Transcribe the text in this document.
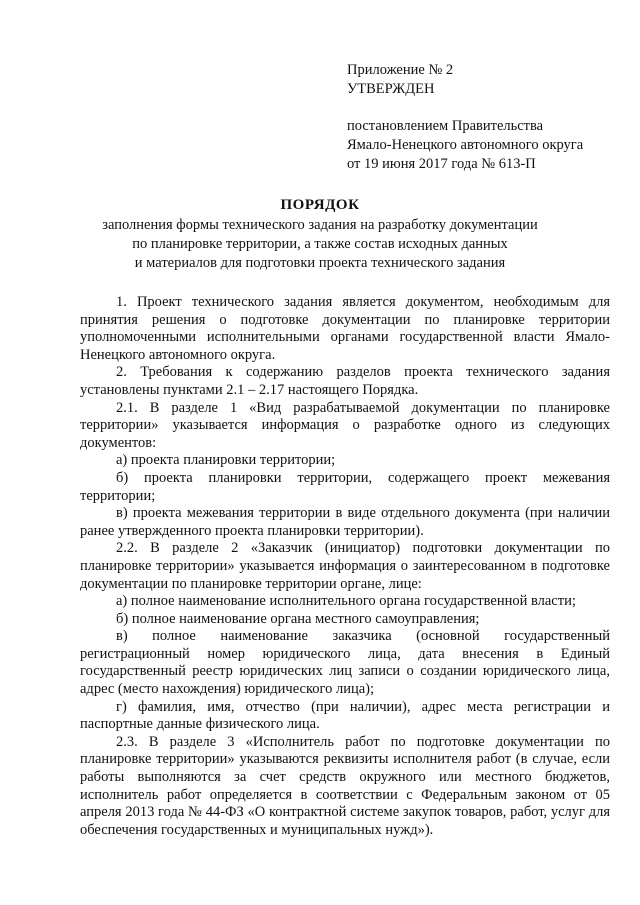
Приложение № 2
УТВЕРЖДЕН
постановлением Правительства
Ямало-Ненецкого автономного округа
от 19 июня 2017 года № 613-П
ПОРЯДОК
заполнения формы технического задания на разработку документации
по планировке территории, а также состав исходных данных
и материалов для подготовки проекта технического задания

1. Проект технического задания является документом, необходимым для принятия решения о подготовке документации по планировке территории уполномоченными исполнительными органами государственной власти Ямало-Ненецкого автономного округа.

2. Требования к содержанию разделов проекта технического задания установлены пунктами 2.1 – 2.17 настоящего Порядка.

2.1. В разделе 1 «Вид разрабатываемой документации по планировке территории» указывается информация о разработке одного из следующих документов:

а) проекта планировки территории;

б) проекта планировки территории, содержащего проект межевания территории;

в) проекта межевания территории в виде отдельного документа (при наличии ранее утвержденного проекта планировки территории).

2.2. В разделе 2 «Заказчик (инициатор) подготовки документации по планировке территории» указывается информация о заинтересованном в подготовке документации по планировке территории органе, лице:

а) полное наименование исполнительного органа государственной власти;

б) полное наименование органа местного самоуправления;

в) полное наименование заказчика (основной государственный регистрационный номер юридического лица, дата внесения в Единый государственный реестр юридических лиц записи о создании юридического лица, адрес (место нахождения) юридического лица);

г) фамилия, имя, отчество (при наличии), адрес места регистрации и паспортные данные физического лица.

2.3. В разделе 3 «Исполнитель работ по подготовке документации по планировке территории» указываются реквизиты исполнителя работ (в случае, если работы выполняются за счет средств окружного или местного бюджетов, исполнитель работ определяется в соответствии с Федеральным законом от 05 апреля 2013 года № 44-ФЗ «О контрактной системе закупок товаров, работ, услуг для обеспечения государственных и муниципальных нужд»).
